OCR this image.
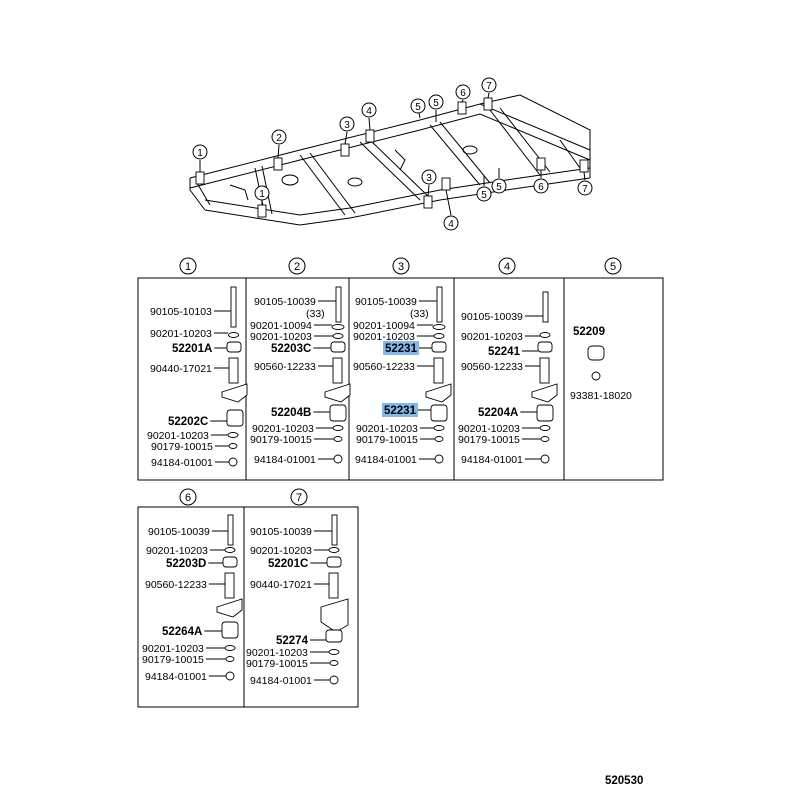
1
1
2
3
3
4
4
5 5
5
5
6
6
7
7
1	2	3	4	5
6	7
90105-10103
90201-10203
52201A
90440-17021
52202C
90201-10203
90179-10015
94184-01001
90105-10039
(33)
90201-10094
90201-10203
52203C
90560-12233
52204B
90201-10203
90179-10015
94184-01001
90105-10039
(33)
90201-10094
90201-10203
52231
90560-12233
52231
90201-10203
90179-10015
94184-01001
90105-10039
90201-10203
52241
90560-12233
52204A
90201-10203
90179-10015
94184-01001
52209
93381-18020
90105-10039
90201-10203
52203D
90560-12233
52264A
90201-10203
90179-10015
94184-01001
90105-10039
90201-10203
52201C
90440-17021
52274
90201-10203
90179-10015
94184-01001
520530
